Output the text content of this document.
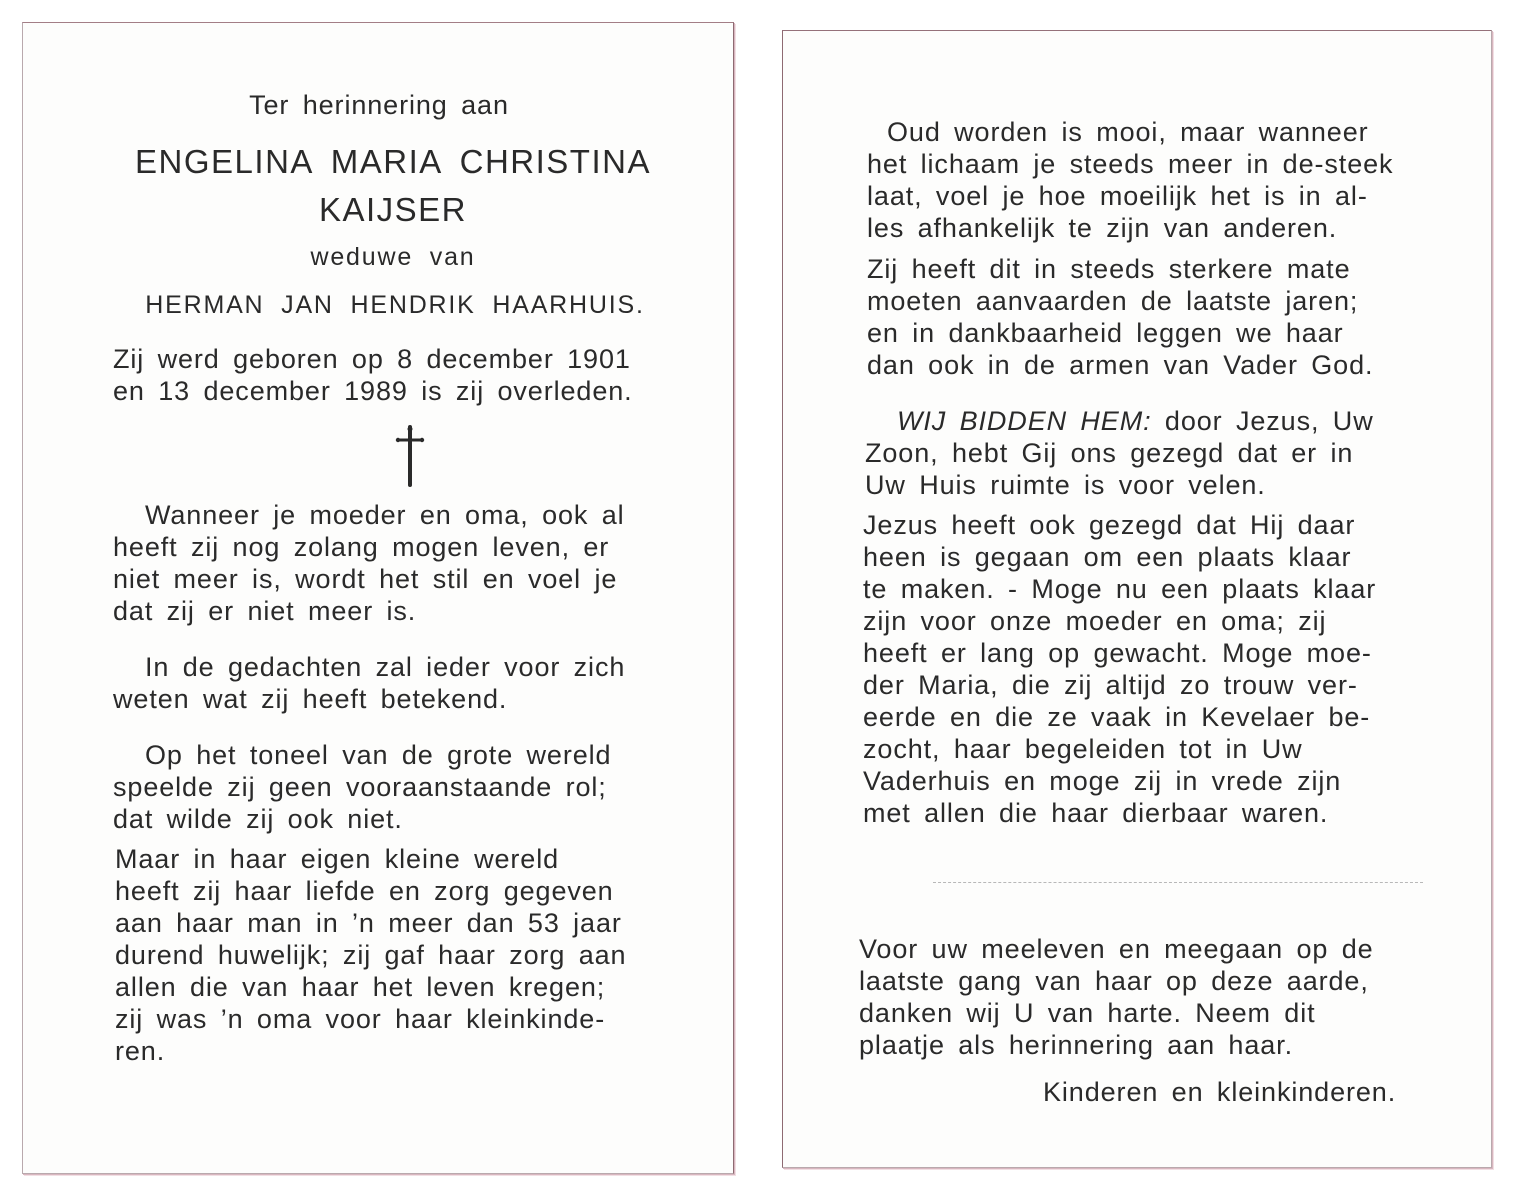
Ter herinnering aan
ENGELINA MARIA CHRISTINA
KAIJSER
weduwe van
HERMAN JAN HENDRIK HAARHUIS.
Zij werd geboren op 8 december 1901
en 13 december 1989 is zij overleden.
Wanneer je moeder en oma, ook al
heeft zij nog zolang mogen leven, er
niet meer is, wordt het stil en voel je
dat zij er niet meer is.
In de gedachten zal ieder voor zich
weten wat zij heeft betekend.
Op het toneel van de grote wereld
speelde zij geen vooraanstaande rol;
dat wilde zij ook niet.
Maar in haar eigen kleine wereld
heeft zij haar liefde en zorg gegeven
aan haar man in ’n meer dan 53 jaar
durend huwelijk; zij gaf haar zorg aan
allen die van haar het leven kregen;
zij was ’n oma voor haar kleinkinde-
ren.
Oud worden is mooi, maar wanneer
het lichaam je steeds meer in de-steek
laat, voel je hoe moeilijk het is in al-
les afhankelijk te zijn van anderen.
Zij heeft dit in steeds sterkere mate
moeten aanvaarden de laatste jaren;
en in dankbaarheid leggen we haar
dan ook in de armen van Vader God.
WIJ BIDDEN HEM: door Jezus, Uw
Zoon, hebt Gij ons gezegd dat er in
Uw Huis ruimte is voor velen.
Jezus heeft ook gezegd dat Hij daar
heen is gegaan om een plaats klaar
te maken. - Moge nu een plaats klaar
zijn voor onze moeder en oma; zij
heeft er lang op gewacht. Moge moe-
der Maria, die zij altijd zo trouw ver-
eerde en die ze vaak in Kevelaer be-
zocht, haar begeleiden tot in Uw
Vaderhuis en moge zij in vrede zijn
met allen die haar dierbaar waren.
Voor uw meeleven en meegaan op de
laatste gang van haar op deze aarde,
danken wij U van harte. Neem dit
plaatje als herinnering aan haar.
Kinderen en kleinkinderen.
